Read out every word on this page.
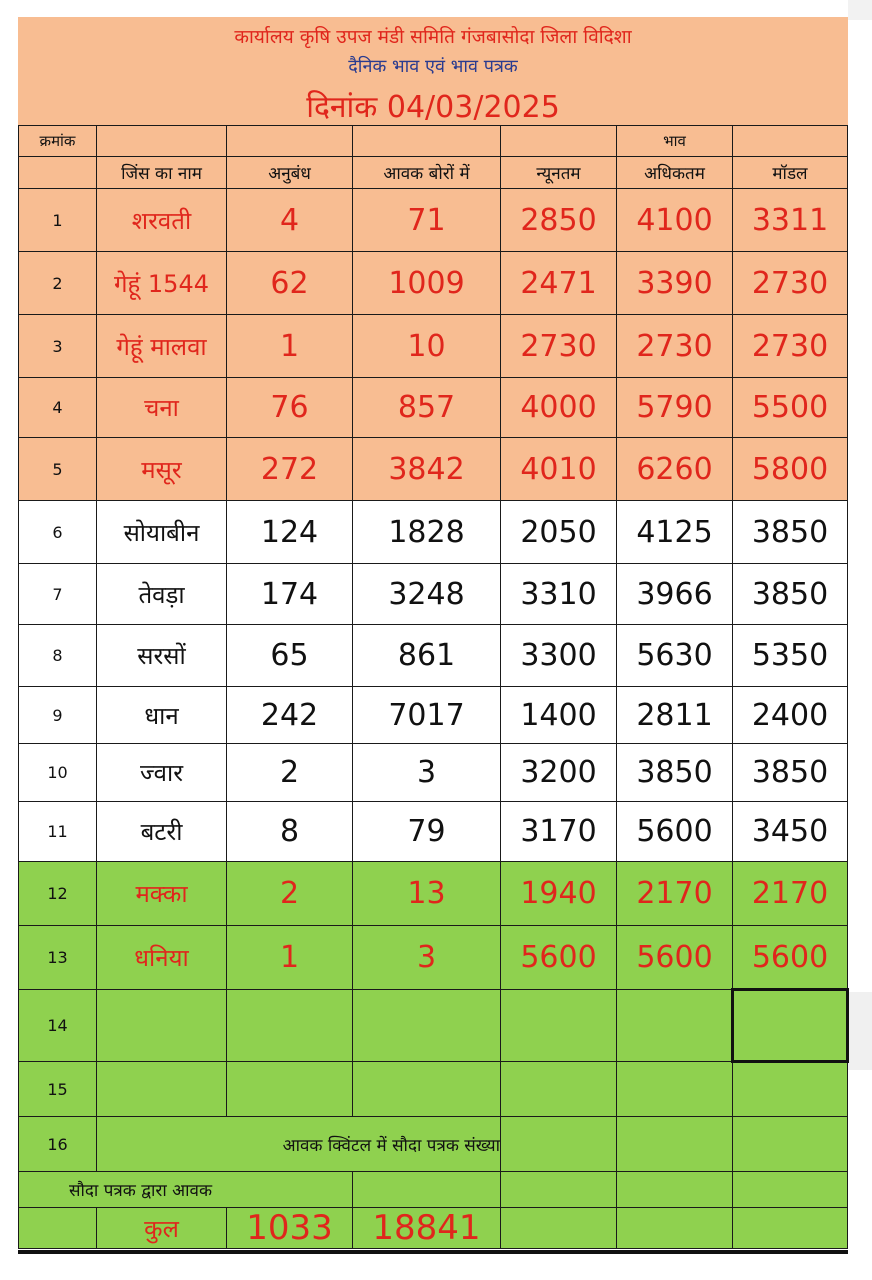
कार्यालय कृषि उपज मंडी समिति गंजबासोदा जिला विदिशा
दैनिक भाव एवं भाव पत्रक
दिनांक 04/03/2025
क्रमांक					भाव	
	जिंस का नाम	अनुबंध	आवक बोरों में	न्यूनतम	अधिकतम	मॉडल
1	शरवती	4	71	2850	4100	3311
2	गेहूं 1544	62	1009	2471	3390	2730
3	गेहूं मालवा	1	10	2730	2730	2730
4	चना	76	857	4000	5790	5500
5	मसूर	272	3842	4010	6260	5800
6	सोयाबीन	124	1828	2050	4125	3850
7	तेवड़ा	174	3248	3310	3966	3850
8	सरसों	65	861	3300	5630	5350
9	धान	242	7017	1400	2811	2400
10	ज्वार	2	3	3200	3850	3850
11	बटरी	8	79	3170	5600	3450
12	मक्का	2	13	1940	2170	2170
13	धनिया	1	3	5600	5600	5600
14						
15						
16	आवक क्विंटल में सौदा पत्रक संख्या					
सौदा पत्रक द्वारा आवक						
	कुल	1033	18841			
